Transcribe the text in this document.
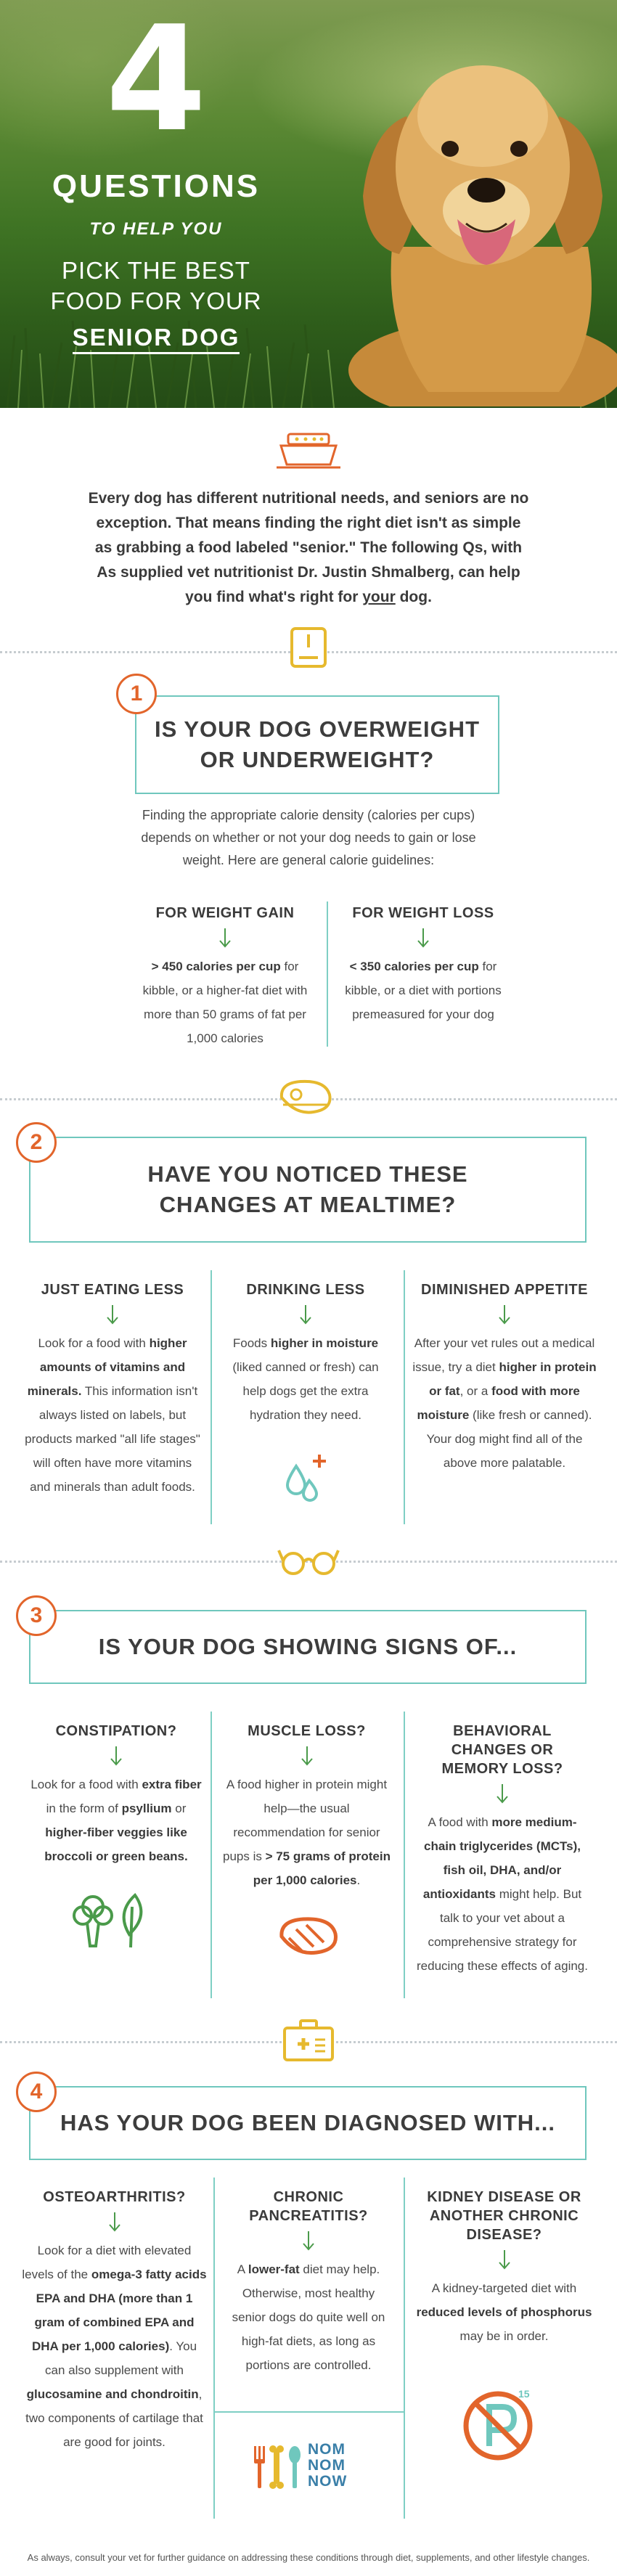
4
QUESTIONS
TO HELP YOU
PICK THE BEST
FOOD FOR YOUR
SENIOR DOG
Every dog has different nutritional needs, and seniors are no exception. That means finding the right diet isn't as simple as grabbing a food labeled "senior." The following Qs, with As supplied vet nutritionist Dr. Justin Shmalberg, can help you find what's right for your dog.
IS YOUR DOG OVERWEIGHT
OR UNDERWEIGHT?
1
Finding the appropriate calorie density (calories per cups) depends on whether or not your dog needs to gain or lose weight. Here are general calorie guidelines:
FOR WEIGHT GAIN
> 450 calories per cup for kibble, or a higher-fat diet with more than 50 grams of fat per 1,000 calories
FOR WEIGHT LOSS
< 350 calories per cup for kibble, or a diet with portions premeasured for your dog
HAVE YOU NOTICED THESE
CHANGES AT MEALTIME?
2
JUST EATING LESS
Look for a food with higher amounts of vitamins and minerals. This information isn't always listed on labels, but products marked "all life stages" will often have more vitamins and minerals than adult foods.
DRINKING LESS
Foods higher in moisture (liked canned or fresh) can help dogs get the extra hydration they need.
DIMINISHED APPETITE
After your vet rules out a medical issue, try a diet higher in protein or fat, or a food with more moisture (like fresh or canned). Your dog might find all of the above more palatable.
IS YOUR DOG SHOWING SIGNS OF...
3
CONSTIPATION?
Look for a food with extra fiber in the form of psyllium or higher-fiber veggies like broccoli or green beans.
MUSCLE LOSS?
A food higher in protein might help—the usual recommendation for senior pups is > 75 grams of protein per 1,000 calories.
BEHAVIORAL
CHANGES OR
MEMORY LOSS?
A food with more medium-chain triglycerides (MCTs), fish oil, DHA, and/or antioxidants might help. But talk to your vet about a comprehensive strategy for reducing these effects of aging.
HAS YOUR DOG BEEN DIAGNOSED WITH...
4
OSTEOARTHRITIS?
Look for a diet with elevated levels of the omega-3 fatty acids EPA and DHA (more than 1 gram of combined EPA and DHA per 1,000 calories). You can also supplement with glucosamine and chondroitin, two components of cartilage that are good for joints.
CHRONIC
PANCREATITIS?
A lower-fat diet may help. Otherwise, most healthy senior dogs do quite well on high-fat diets, as long as portions are controlled.
NOM
NOM
NOW
KIDNEY DISEASE OR
ANOTHER CHRONIC
DISEASE?
A kidney-targeted diet with reduced levels of phosphorus may be in order.
15
As always, consult your vet for further guidance on addressing these conditions through diet, supplements, and other lifestyle changes.
